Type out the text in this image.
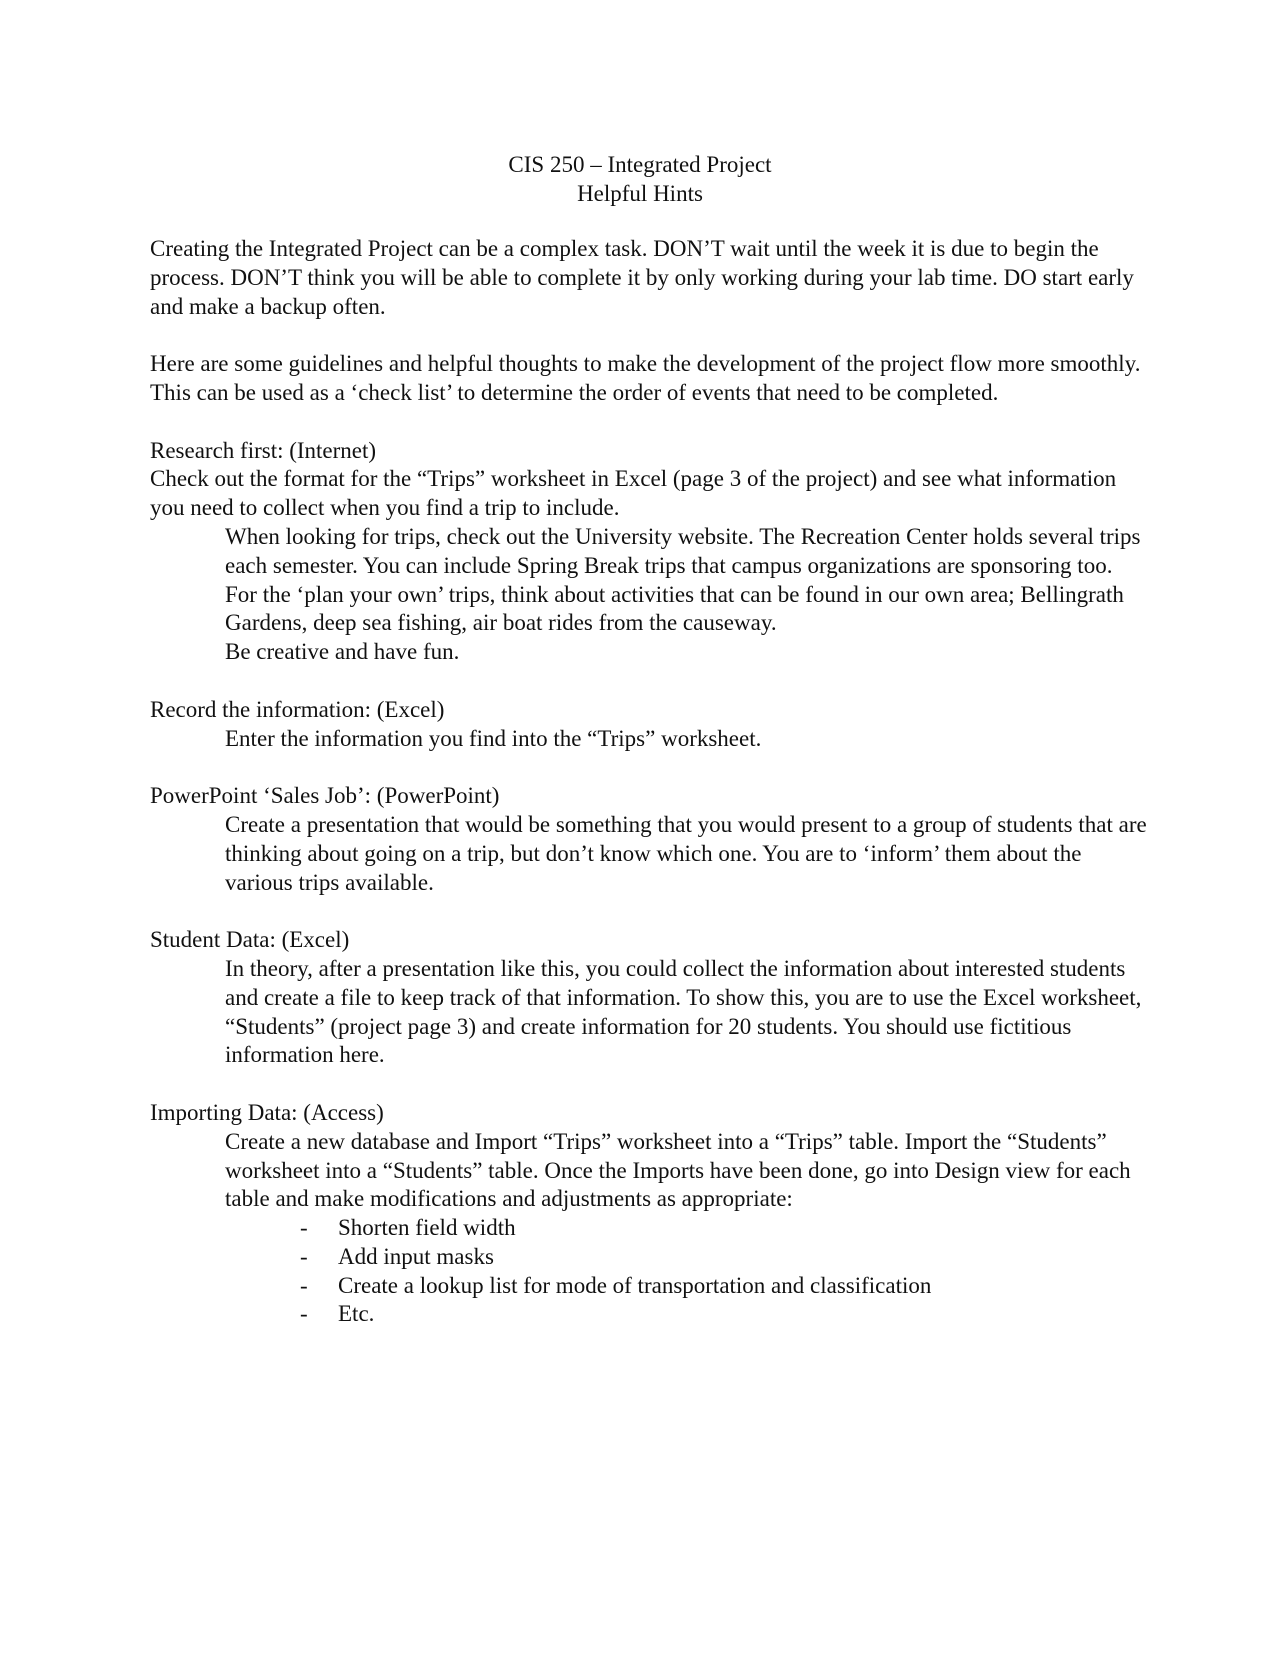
CIS 250 – Integrated Project
Helpful Hints

Creating the Integrated Project can be a complex task. DON’T wait until the week it is due to begin the process. DON’T think you will be able to complete it by only working during your lab time. DO start early and make a backup often.

Here are some guidelines and helpful thoughts to make the development of the project flow more smoothly. This can be used as a ‘check list’ to determine the order of events that need to be completed.

Research first: (Internet)

Check out the format for the “Trips” worksheet in Excel (page 3 of the project) and see what information you need to collect when you find a trip to include.

When looking for trips, check out the University website. The Recreation Center holds several trips each semester. You can include Spring Break trips that campus organizations are sponsoring too.

For the ‘plan your own’ trips, think about activities that can be found in our own area; Bellingrath Gardens, deep sea fishing, air boat rides from the causeway.

Be creative and have fun.

Record the information: (Excel)

Enter the information you find into the “Trips” worksheet.

PowerPoint ‘Sales Job’: (PowerPoint)

Create a presentation that would be something that you would present to a group of students that are thinking about going on a trip, but don’t know which one. You are to ‘inform’ them about the various trips available.

Student Data: (Excel)

In theory, after a presentation like this, you could collect the information about interested students and create a file to keep track of that information. To show this, you are to use the Excel worksheet, “Students” (project page 3) and create information for 20 students. You should use fictitious information here.

Importing Data: (Access)

Create a new database and Import “Trips” worksheet into a “Trips” table. Import the “Students” worksheet into a “Students” table. Once the Imports have been done, go into Design view for each table and make modifications and adjustments as appropriate:

- Shorten field width
- Add input masks
- Create a lookup list for mode of transportation and classification
- Etc.
